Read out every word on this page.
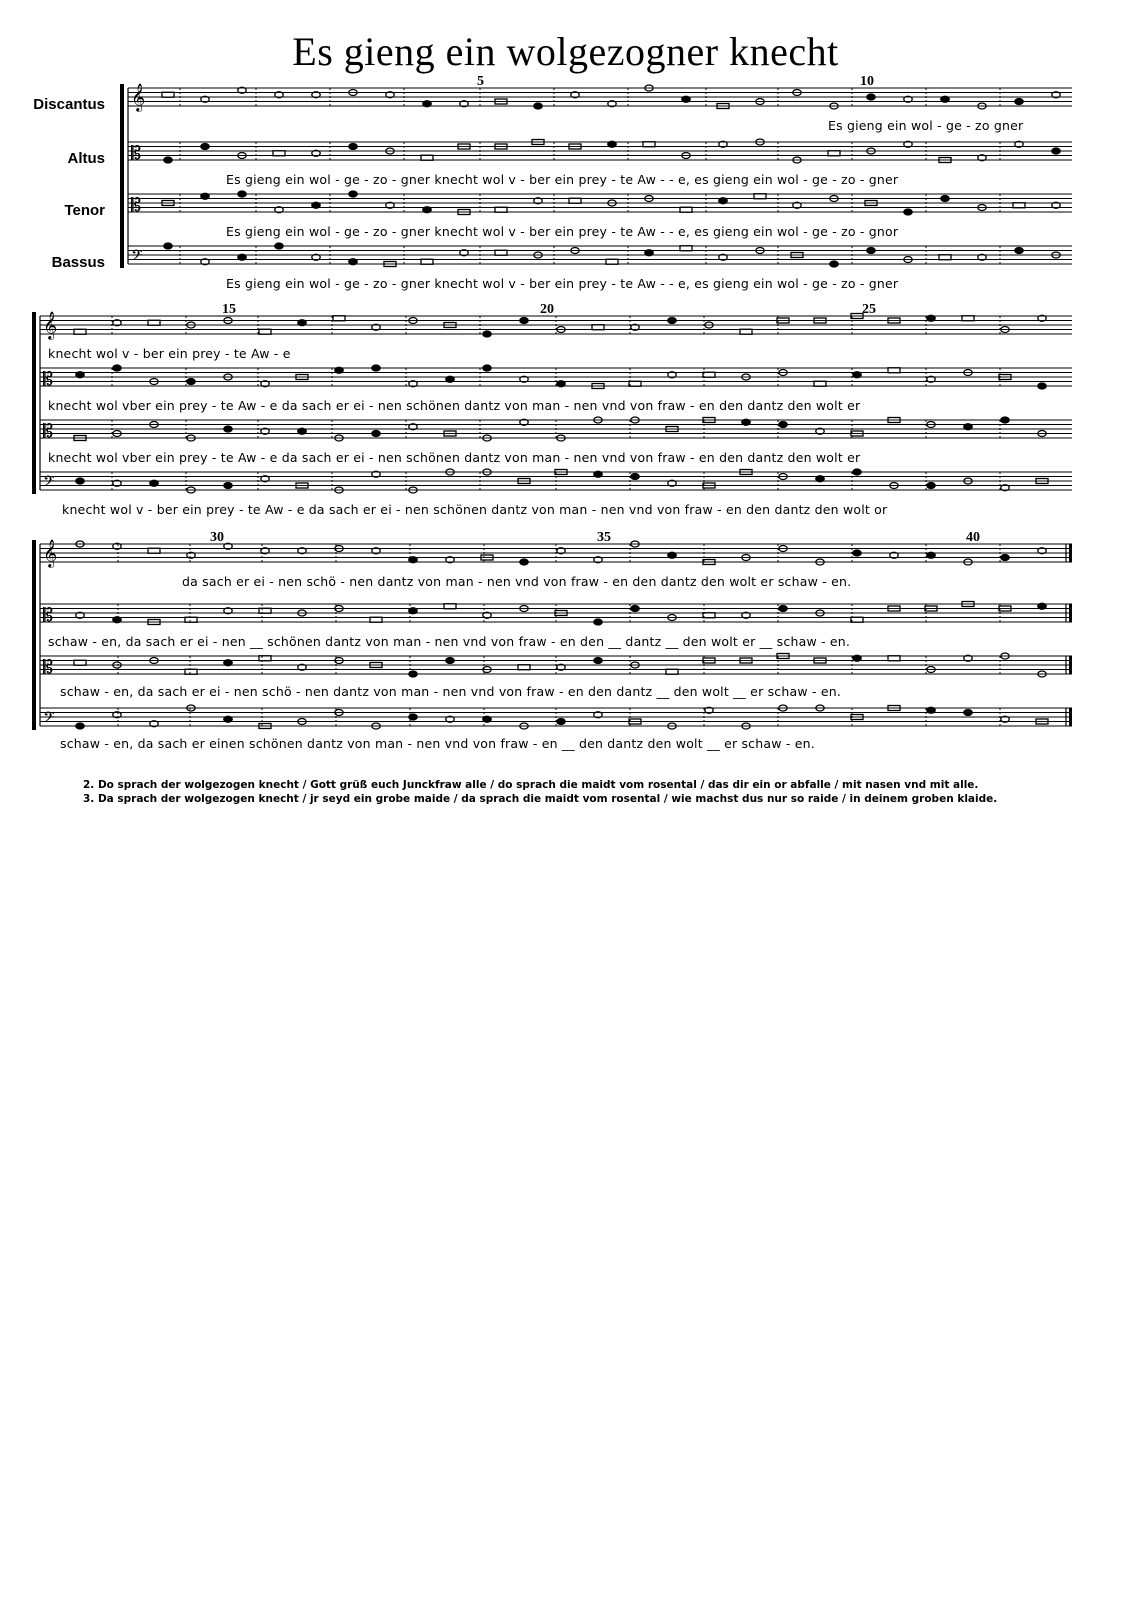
Es gieng ein wolgezogner knecht
𝄞
𝄡
𝄡
𝄢
𝄞
𝄡
𝄡
𝄢
𝄞
𝄡
𝄡
𝄢
Discantus
Altus
Tenor
Bassus
5	10
15	20	25
30	35	40
Es gieng ein wol - ge - zo gner
Es gieng ein wol - ge - zo - gner knecht wol v - ber ein prey - te Aw - - e, es gieng ein wol - ge - zo - gner
Es gieng ein wol - ge - zo - gner knecht wol v - ber ein prey - te Aw - - e, es gieng ein wol - ge - zo - gnor
Es gieng ein wol - ge - zo - gner knecht wol v - ber ein prey - te Aw - - e, es gieng ein wol - ge - zo - gner
knecht wol v - ber ein prey - te Aw - e
knecht wol vber ein prey - te Aw - e da sach er ei - nen schönen dantz von man - nen vnd von fraw - en den dantz den wolt er
knecht wol vber ein prey - te Aw - e da sach er ei - nen schönen dantz von man - nen vnd von fraw - en den dantz den wolt er
knecht wol v - ber ein prey - te Aw - e da sach er ei - nen schönen dantz von man - nen vnd von fraw - en den dantz den wolt or
da sach er ei - nen schö - nen dantz von man - nen vnd von fraw - en den dantz den wolt er schaw - en.
schaw - en, da sach er ei - nen __ schönen dantz von man - nen vnd von fraw - en den __ dantz __ den wolt er __ schaw - en.
schaw - en, da sach er ei - nen schö - nen dantz von man - nen vnd von fraw - en den dantz __ den wolt __ er schaw - en.
schaw - en, da sach er einen schönen dantz von man - nen vnd von fraw - en __ den dantz den wolt __ er schaw - en.

2. Do sprach der wolgezogen knecht / Gott grüß euch Junckfraw alle / do sprach die maidt vom rosental / das dir ein or abfalle / mit nasen vnd mit alle.

3. Da sprach der wolgezogen knecht / jr seyd ein grobe maide / da sprach die maidt vom rosental / wie machst dus nur so raide / in deinem groben klaide.
